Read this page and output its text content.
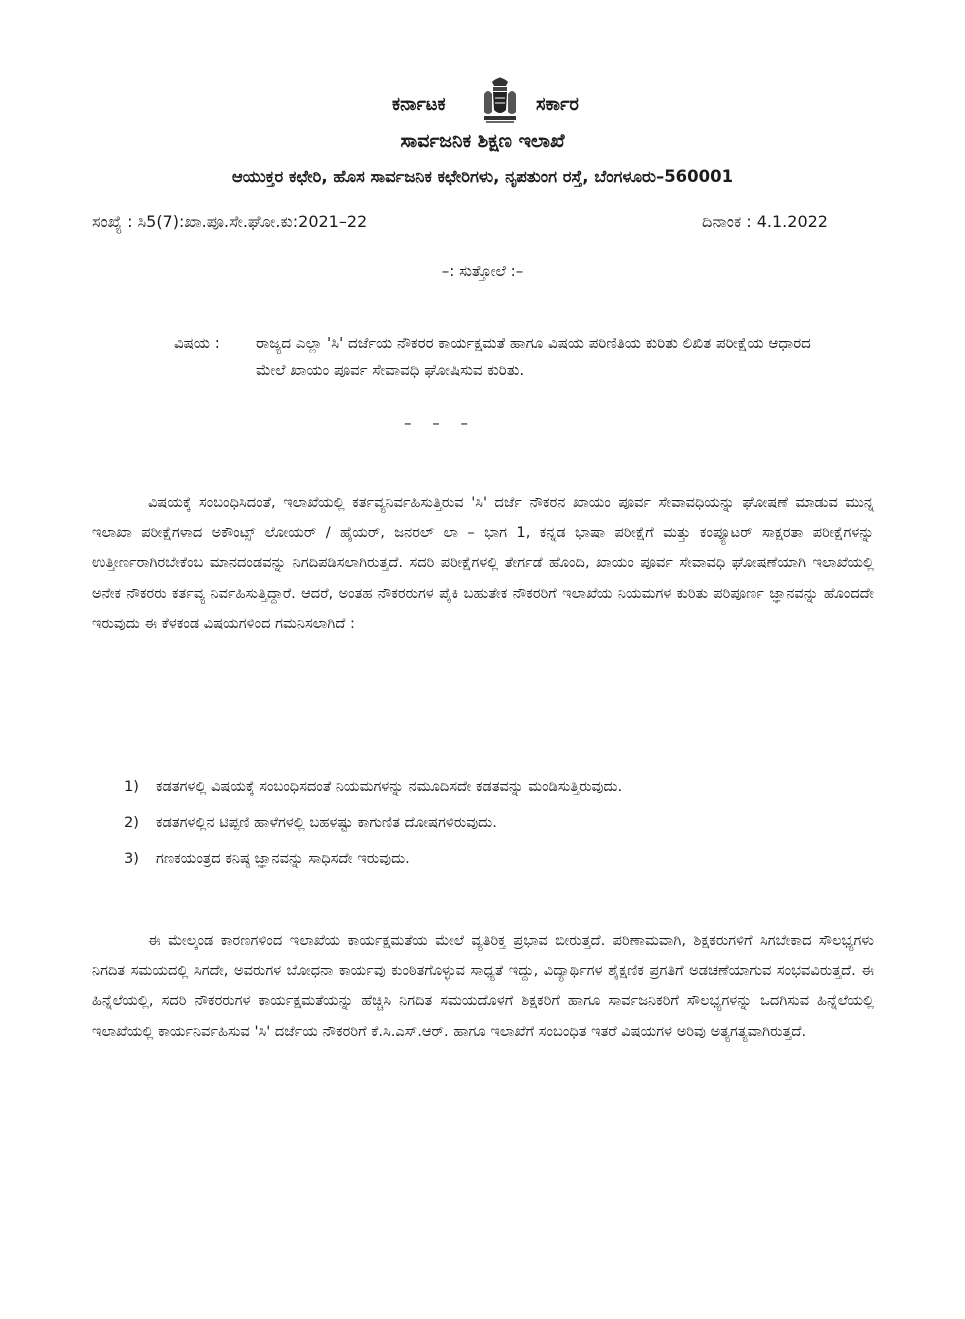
ಕರ್ನಾಟಕ	ಸರ್ಕಾರ
ಸಾರ್ವಜನಿಕ ಶಿಕ್ಷಣ ಇಲಾಖೆ
ಆಯುಕ್ತರ ಕಛೇರಿ, ಹೊಸ ಸಾರ್ವಜನಿಕ ಕಛೇರಿಗಳು, ನೃಪತುಂಗ ರಸ್ತೆ, ಬೆಂಗಳೂರು–560001
ಸಂಖ್ಯೆ : ಸಿ5(7):ಖಾ.ಪೂ.ಸೇ.ಘೋ.ಕು:2021–22	ದಿನಾಂಕ : 4.1.2022
–: ಸುತ್ತೋಲೆ :–
ವಿಷಯ : ರಾಜ್ಯದ ಎಲ್ಲಾ 'ಸಿ' ದರ್ಜೆಯ ನೌಕರರ ಕಾರ್ಯಕ್ಷಮತೆ ಹಾಗೂ ವಿಷಯ ಪರಿಣಿತಿಯ ಕುರಿತು ಲಿಖಿತ ಪರೀಕ್ಷೆಯ ಆಧಾರದ ಮೇಲೆ ಖಾಯಂ ಪೂರ್ವ ಸೇವಾವಧಿ ಘೋಷಿಸುವ ಕುರಿತು.
– – –
ವಿಷಯಕ್ಕೆ ಸಂಬಂಧಿಸಿದಂತೆ, ಇಲಾಖೆಯಲ್ಲಿ ಕರ್ತವ್ಯನಿರ್ವಹಿಸುತ್ತಿರುವ 'ಸಿ' ದರ್ಜೆ ನೌಕರನ ಖಾಯಂ ಪೂರ್ವ ಸೇವಾವಧಿಯನ್ನು ಘೋಷಣೆ ಮಾಡುವ ಮುನ್ನ ಇಲಾಖಾ ಪರೀಕ್ಷೆಗಳಾದ ಅಕೌಂಟ್ಸ್ ಲೋಯರ್ / ಹೈಯರ್, ಜನರಲ್ ಲಾ – ಭಾಗ 1, ಕನ್ನಡ ಭಾಷಾ ಪರೀಕ್ಷೆಗೆ ಮತ್ತು ಕಂಪ್ಯೂಟರ್ ಸಾಕ್ಷರತಾ ಪರೀಕ್ಷೆಗಳನ್ನು ಉತ್ತೀರ್ಣರಾಗಿರಬೇಕೆಂಬ ಮಾನದಂಡವನ್ನು ನಿಗದಿಪಡಿಸಲಾಗಿರುತ್ತದೆ. ಸದರಿ ಪರೀಕ್ಷೆಗಳಲ್ಲಿ ತೇರ್ಗಡೆ ಹೊಂದಿ, ಖಾಯಂ ಪೂರ್ವ ಸೇವಾವಧಿ ಘೋಷಣೆಯಾಗಿ ಇಲಾಖೆಯಲ್ಲಿ ಅನೇಕ ನೌಕರರು ಕರ್ತವ್ಯ ನಿರ್ವಹಿಸುತ್ತಿದ್ದಾರೆ. ಆದರೆ, ಅಂತಹ ನೌಕರರುಗಳ ಪೈಕಿ ಬಹುತೇಕ ನೌಕರರಿಗೆ ಇಲಾಖೆಯ ನಿಯಮಗಳ ಕುರಿತು ಪರಿಪೂರ್ಣ ಜ್ಞಾನವನ್ನು ಹೊಂದದೇ ಇರುವುದು ಈ ಕೆಳಕಂಡ ವಿಷಯಗಳಿಂದ ಗಮನಿಸಲಾಗಿದೆ :
1) ಕಡತಗಳಲ್ಲಿ ವಿಷಯಕ್ಕೆ ಸಂಬಂಧಿಸದಂತೆ ನಿಯಮಗಳನ್ನು ನಮೂದಿಸದೇ ಕಡತವನ್ನು ಮಂಡಿಸುತ್ತಿರುವುದು.
2) ಕಡತಗಳಲ್ಲಿನ ಟಿಪ್ಪಣಿ ಹಾಳೆಗಳಲ್ಲಿ ಬಹಳಷ್ಟು ಕಾಗುಣಿತ ದೋಷಗಳಿರುವುದು.
3) ಗಣಕಯಂತ್ರದ ಕನಿಷ್ಠ ಜ್ಞಾನವನ್ನು ಸಾಧಿಸದೇ ಇರುವುದು.
ಈ ಮೇಲ್ಕಂಡ ಕಾರಣಗಳಿಂದ ಇಲಾಖೆಯ ಕಾರ್ಯಕ್ಷಮತೆಯ ಮೇಲೆ ವ್ಯತಿರಿಕ್ತ ಪ್ರಭಾವ ಬೀರುತ್ತದೆ. ಪರಿಣಾಮವಾಗಿ, ಶಿಕ್ಷಕರುಗಳಿಗೆ ಸಿಗಬೇಕಾದ ಸೌಲಭ್ಯಗಳು ನಿಗದಿತ ಸಮಯದಲ್ಲಿ ಸಿಗದೇ, ಅವರುಗಳ ಬೋಧನಾ ಕಾರ್ಯವು ಕುಂಠಿತಗೊಳ್ಳುವ ಸಾಧ್ಯತೆ ಇದ್ದು, ವಿದ್ಯಾರ್ಥಿಗಳ ಶೈಕ್ಷಣಿಕ ಪ್ರಗತಿಗೆ ಅಡಚಣೆಯಾಗುವ ಸಂಭವವಿರುತ್ತದೆ. ಈ ಹಿನ್ನೆಲೆಯಲ್ಲಿ, ಸದರಿ ನೌಕರರುಗಳ ಕಾರ್ಯಕ್ಷಮತೆಯನ್ನು ಹೆಚ್ಚಿಸಿ ನಿಗದಿತ ಸಮಯದೊಳಗೆ ಶಿಕ್ಷಕರಿಗೆ ಹಾಗೂ ಸಾರ್ವಜನಿಕರಿಗೆ ಸೌಲಭ್ಯಗಳನ್ನು ಒದಗಿಸುವ ಹಿನ್ನೆಲೆಯಲ್ಲಿ ಇಲಾಖೆಯಲ್ಲಿ ಕಾರ್ಯನಿರ್ವಹಿಸುವ 'ಸಿ' ದರ್ಜೆಯ ನೌಕರರಿಗೆ ಕೆ.ಸಿ.ಎಸ್.ಆರ್. ಹಾಗೂ ಇಲಾಖೆಗೆ ಸಂಬಂಧಿತ ಇತರೆ ವಿಷಯಗಳ ಅರಿವು ಅತ್ಯಗತ್ಯವಾಗಿರುತ್ತದೆ.
